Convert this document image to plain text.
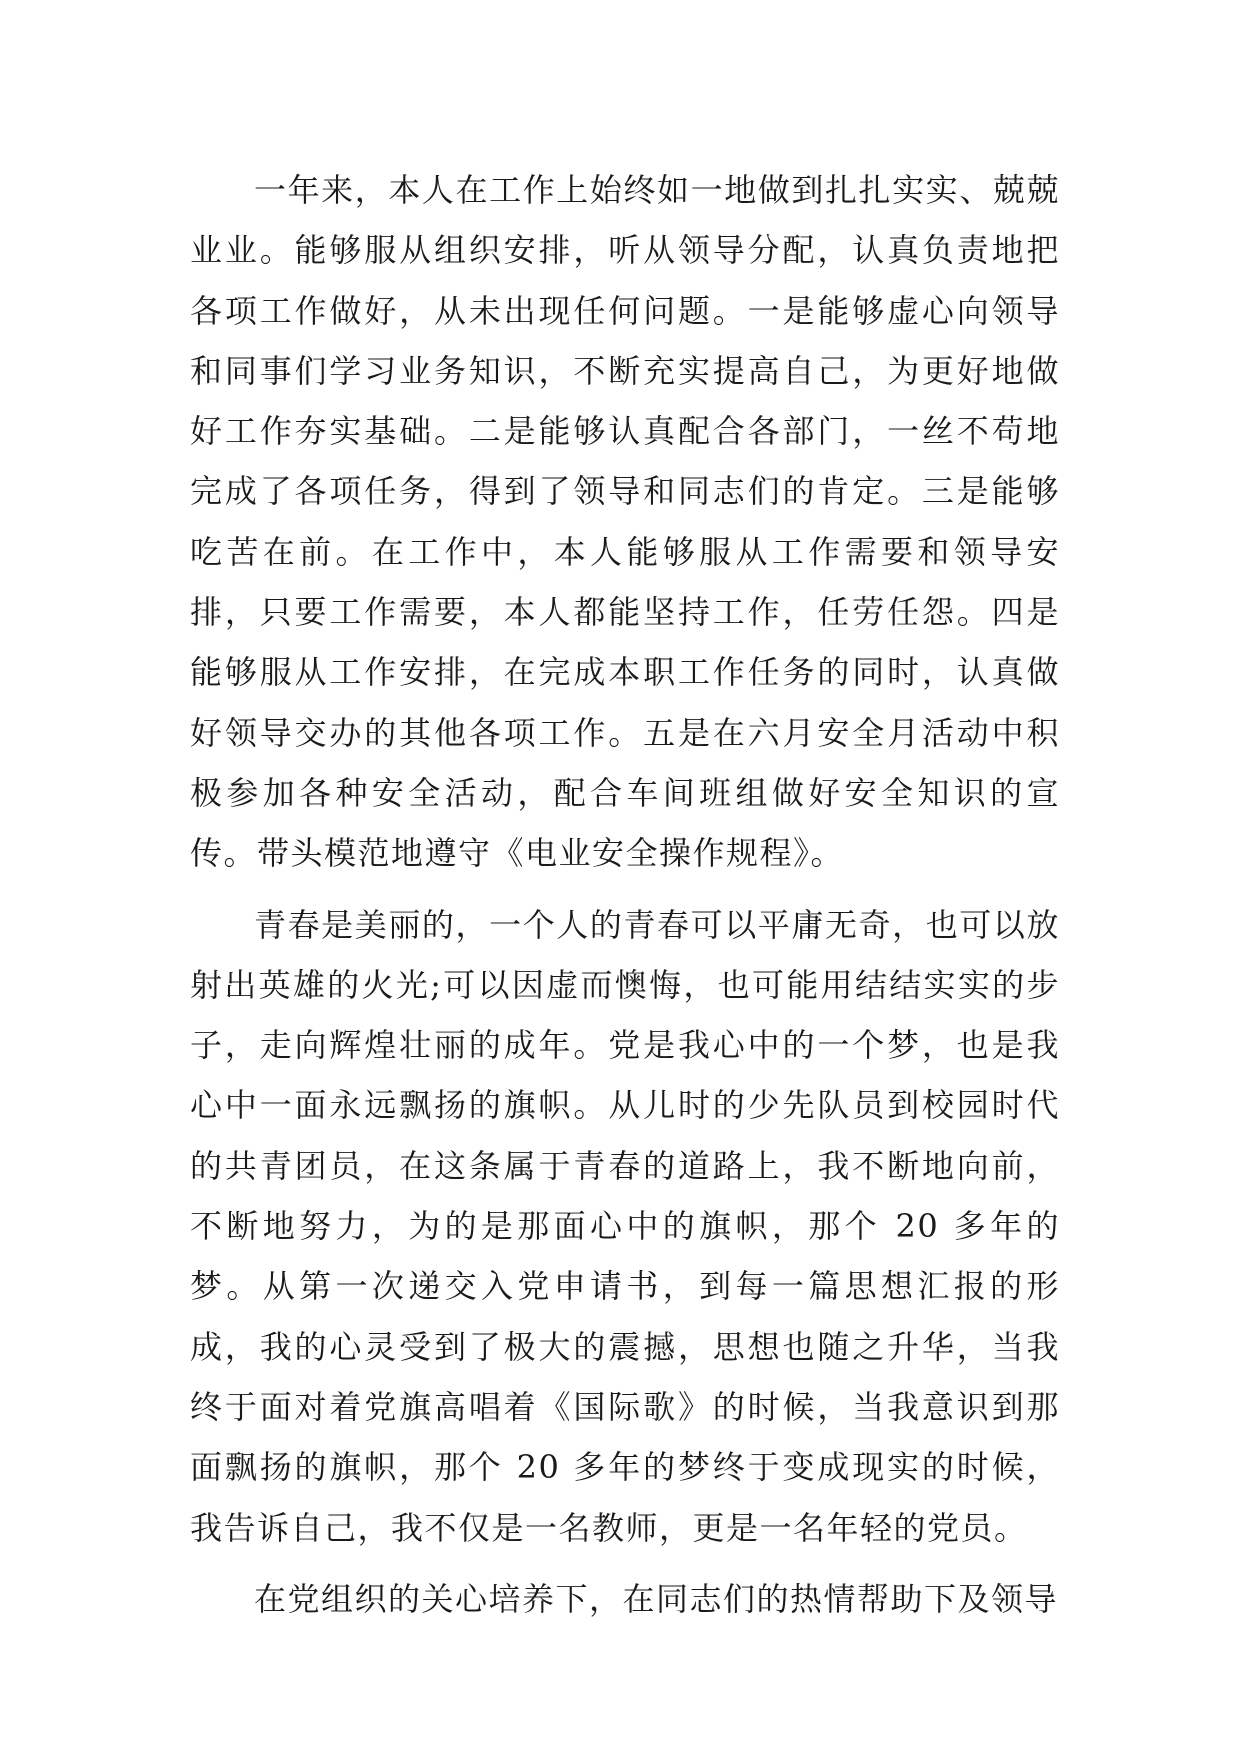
一年来，本人在工作上始终如一地做到扎扎实实、兢兢业业。能够服从组织安排，听从领导分配，认真负责地把各项工作做好，从未出现任何问题。一是能够虚心向领导和同事们学习业务知识，不断充实提高自己，为更好地做好工作夯实基础。二是能够认真配合各部门，一丝不苟地完成了各项任务，得到了领导和同志们的肯定。三是能够吃苦在前。在工作中，本人能够服从工作需要和领导安排，只要工作需要，本人都能坚持工作，任劳任怨。四是能够服从工作安排，在完成本职工作任务的同时，认真做好领导交办的其他各项工作。五是在六月安全月活动中积极参加各种安全活动，配合车间班组做好安全知识的宣传。带头模范地遵守《电业安全操作规程》。

青春是美丽的，一个人的青春可以平庸无奇，也可以放射出英雄的火光;可以因虚而懊悔，也可能用结结实实的步子，走向辉煌壮丽的成年。党是我心中的一个梦，也是我心中一面永远飘扬的旗帜。从儿时的少先队员到校园时代的共青团员，在这条属于青春的道路上，我不断地向前，不断地努力，为的是那面心中的旗帜，那个 20 多年的梦。从第一次递交入党申请书，到每一篇思想汇报的形成，我的心灵受到了极大的震撼，思想也随之升华，当我终于面对着党旗高唱着《国际歌》的时候，当我意识到那面飘扬的旗帜，那个 20 多年的梦终于变成现实的时候，我告诉自己，我不仅是一名教师，更是一名年轻的党员。

在党组织的关心培养下，在同志们的热情帮助下及领导
